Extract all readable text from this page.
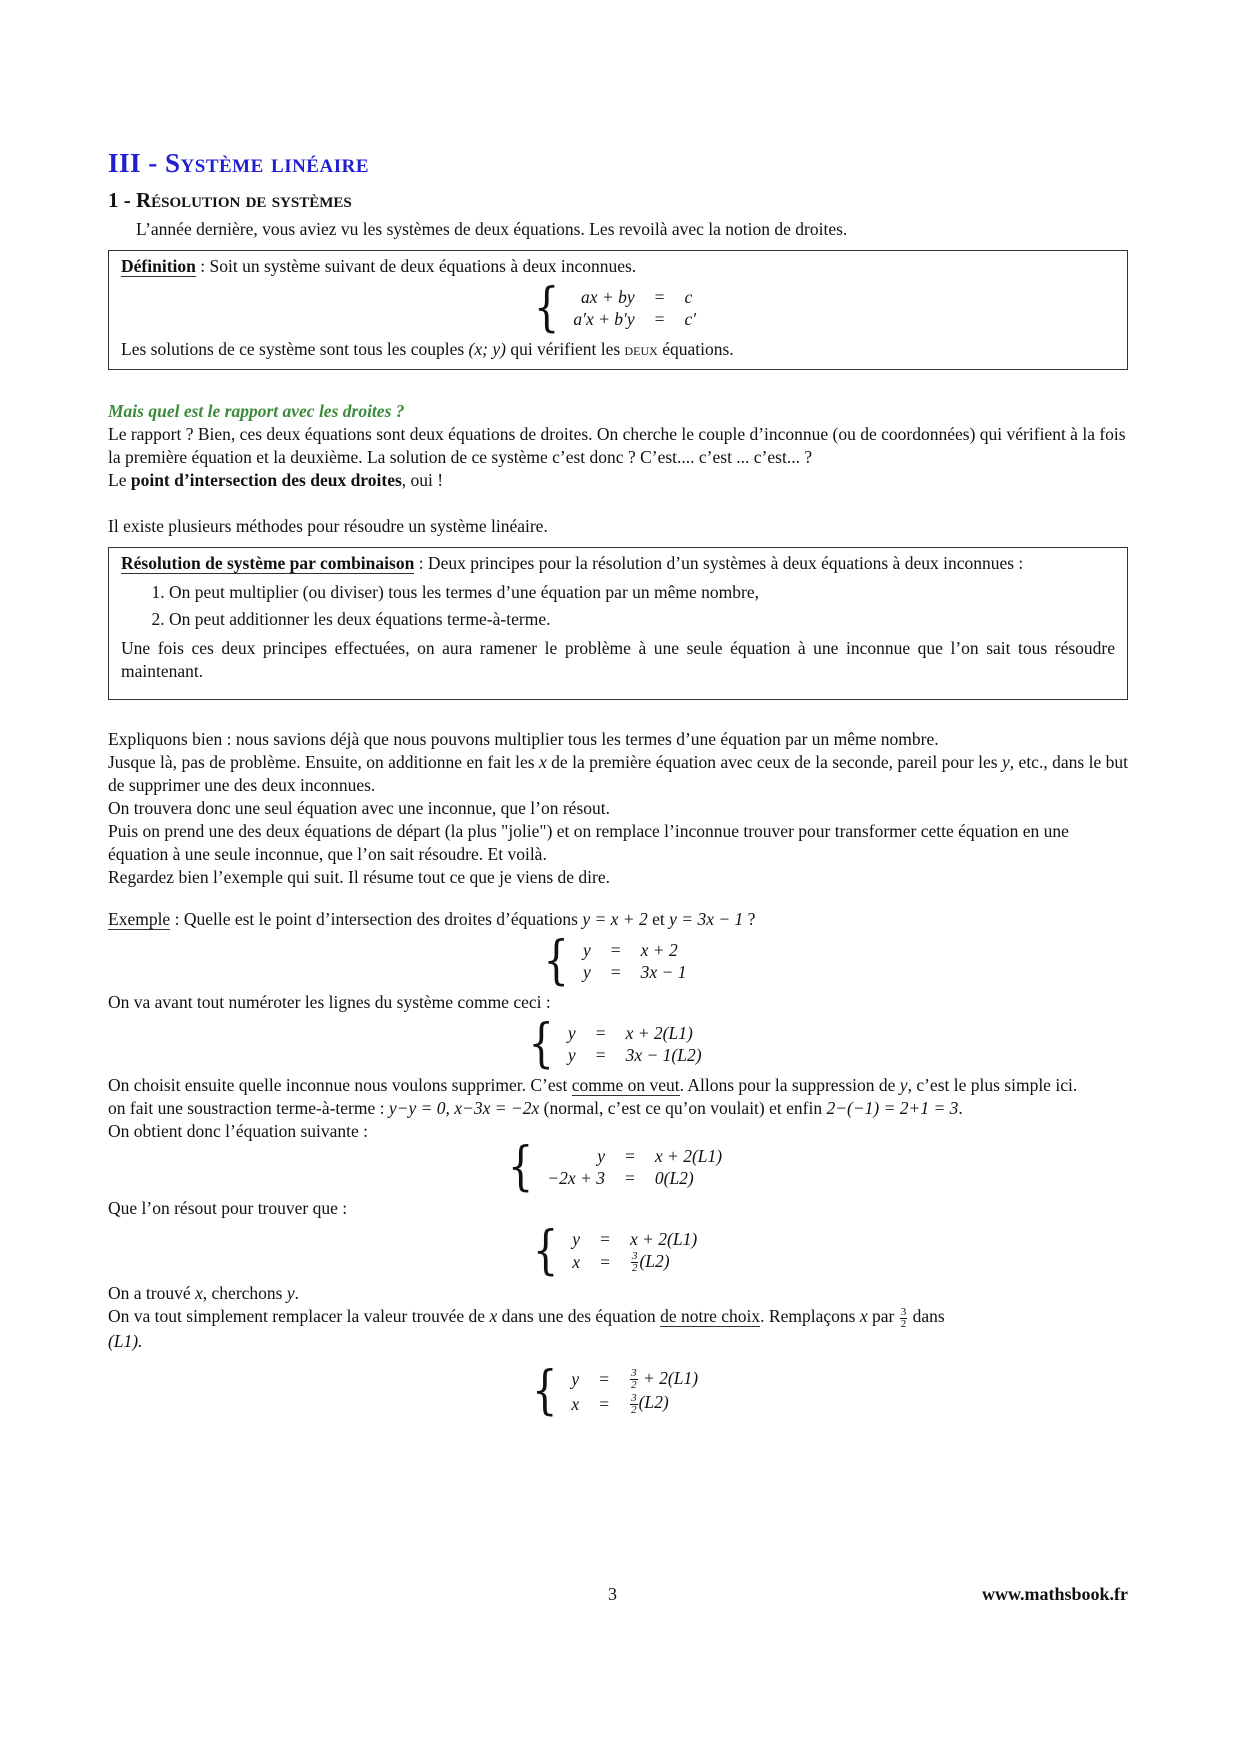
III - Système linéaire
1 - Résolution de systèmes

L’année dernière, vous aviez vu les systèmes de deux équations. Les revoilà avec la notion de droites.

Définition : Soit un système suivant de deux équations à deux inconnues.

{ ax + by	=	c
a′x + b′y	=	c′

Les solutions de ce système sont tous les couples (x; y) qui vérifient les deux équations.

Mais quel est le rapport avec les droites ?

Le rapport ? Bien, ces deux équations sont deux équations de droites. On cherche le couple d’inconnue (ou de coordonnées) qui vérifient à la fois la première équation et la deuxième. La solution de ce système c’est donc ? C’est.... c’est ... c’est... ?

Le point d’intersection des deux droites, oui !

Il existe plusieurs méthodes pour résoudre un système linéaire.

Résolution de système par combinaison : Deux principes pour la résolution d’un systèmes à deux équations à deux inconnues :

1. On peut multiplier (ou diviser) tous les termes d’une équation par un même nombre,
2. On peut additionner les deux équations terme-à-terme.

Une fois ces deux principes effectuées, on aura ramener le problème à une seule équation à une inconnue que l’on sait tous résoudre maintenant.

Expliquons bien : nous savions déjà que nous pouvons multiplier tous les termes d’une équation par un même nombre.

Jusque là, pas de problème. Ensuite, on additionne en fait les x de la première équation avec ceux de la seconde, pareil pour les y, etc., dans le but de supprimer une des deux inconnues.

On trouvera donc une seul équation avec une inconnue, que l’on résout.

Puis on prend une des deux équations de départ (la plus "jolie") et on remplace l’inconnue trouver pour transformer cette équation en une équation à une seule inconnue, que l’on sait résoudre. Et voilà.

Regardez bien l’exemple qui suit. Il résume tout ce que je viens de dire.

Exemple : Quelle est le point d’intersection des droites d’équations y = x + 2 et y = 3x − 1 ?

{ y	=	x + 2
y	=	3x − 1

On va avant tout numéroter les lignes du système comme ceci :

{ y	=	x + 2(L1)
y	=	3x − 1(L2)

On choisit ensuite quelle inconnue nous voulons supprimer. C’est comme on veut. Allons pour la suppression de y, c’est le plus simple ici.

on fait une soustraction terme-à-terme : y−y = 0, x−3x = −2x (normal, c’est ce qu’on voulait) et enfin 2−(−1) = 2+1 = 3.

On obtient donc l’équation suivante :

{	y	=	x + 2(L1)
−2x + 3	=	0(L2)

Que l’on résout pour trouver que :

{ y	=	x + 2(L1)
x	=	$\frac{3}{2} (L2)$

On a trouvé x, cherchons y.

On va tout simplement remplacer la valeur trouvée de x dans une des équation de notre choix. Remplaçons x par $\frac{3}{2}$ dans

(L1).

{ y	=	$\frac{3}{2} + 2(L1)$
x	=	$\frac{3}{2} (L2)$
3	www.mathsbook.fr
